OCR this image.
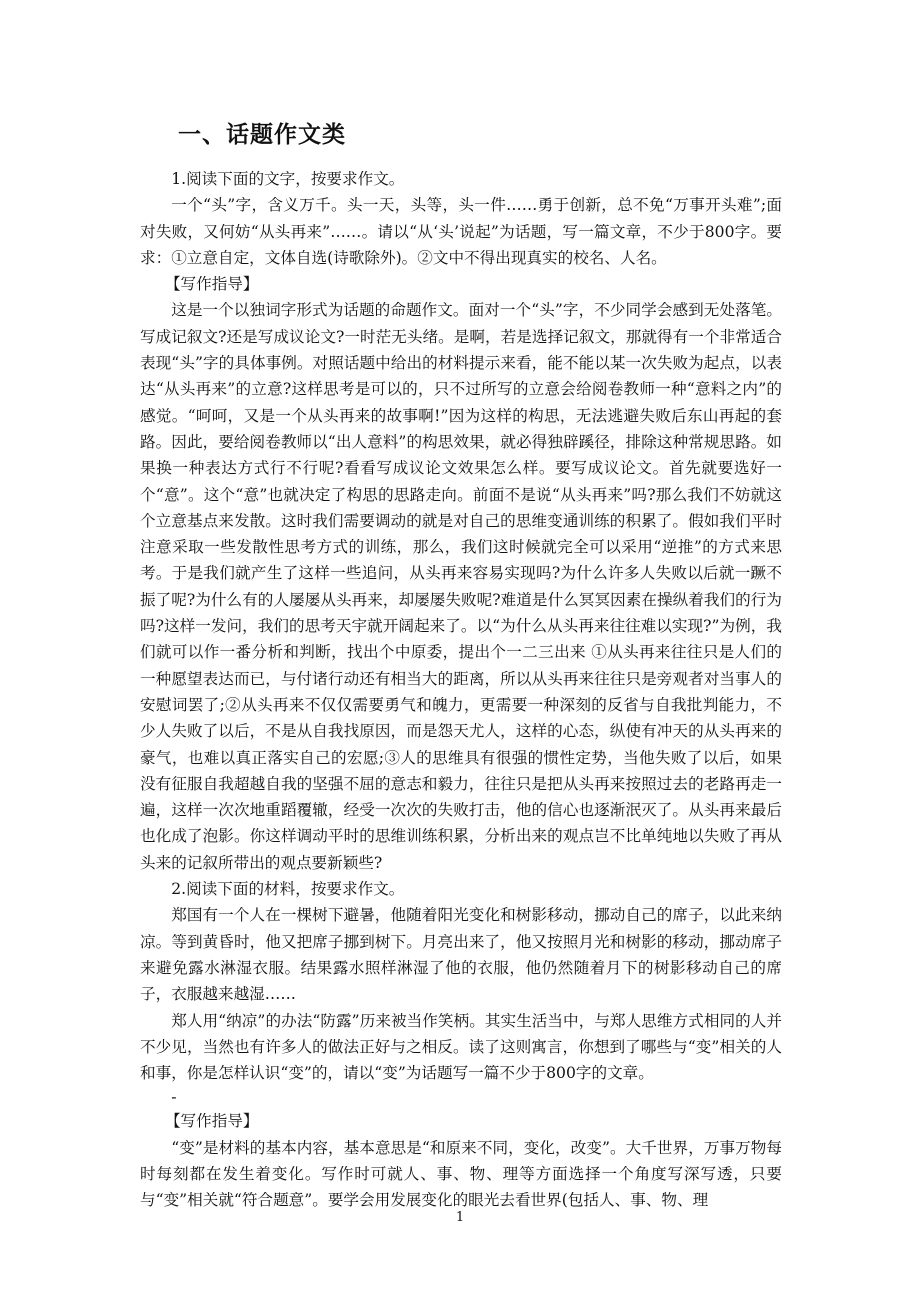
一、话题作文类

1.阅读下面的文字，按要求作文。

一个“头”字，含义万千。头一天，头等，头一件……勇于创新，总不免“万事开头难”;面对失败，又何妨“从头再来”……。请以“从‘头’说起”为话题，写一篇文章，不少于800字。要求：①立意自定，文体自选(诗歌除外)。②文中不得出现真实的校名、人名。

【写作指导】

这是一个以独词字形式为话题的命题作文。面对一个“头”字，不少同学会感到无处落笔。写成记叙文?还是写成议论文?一时茫无头绪。是啊，若是选择记叙文，那就得有一个非常适合表现“头”字的具体事例。对照话题中给出的材料提示来看，能不能以某一次失败为起点，以表达“从头再来”的立意?这样思考是可以的，只不过所写的立意会给阅卷教师一种“意料之内”的感觉。“呵呵，又是一个从头再来的故事啊!”因为这样的构思，无法逃避失败后东山再起的套路。因此，要给阅卷教师以“出人意料”的构思效果，就必得独辟蹊径，排除这种常规思路。如果换一种表达方式行不行呢?看看写成议论文效果怎么样。要写成议论文。首先就要选好一个“意”。这个“意”也就决定了构思的思路走向。前面不是说“从头再来”吗?那么我们不妨就这个立意基点来发散。这时我们需要调动的就是对自己的思维变通训练的积累了。假如我们平时注意采取一些发散性思考方式的训练，那么，我们这时候就完全可以采用“逆推”的方式来思考。于是我们就产生了这样一些追问，从头再来容易实现吗?为什么许多人失败以后就一蹶不振了呢?为什么有的人屡屡从头再来，却屡屡失败呢?难道是什么冥冥因素在操纵着我们的行为吗?这样一发问，我们的思考天宇就开阔起来了。以“为什么从头再来往往难以实现?”为例，我们就可以作一番分析和判断，找出个中原委，提出个一二三出来 ①从头再来往往只是人们的一种愿望表达而已，与付诸行动还有相当大的距离，所以从头再来往往只是旁观者对当事人的安慰词罢了;②从头再来不仅仅需要勇气和魄力，更需要一种深刻的反省与自我批判能力，不少人失败了以后，不是从自我找原因，而是怨天尤人，这样的心态，纵使有冲天的从头再来的豪气，也难以真正落实自己的宏愿;③人的思维具有很强的惯性定势，当他失败了以后，如果没有征服自我超越自我的坚强不屈的意志和毅力，往往只是把从头再来按照过去的老路再走一遍，这样一次次地重蹈覆辙，经受一次次的失败打击，他的信心也逐渐泯灭了。从头再来最后也化成了泡影。你这样调动平时的思维训练积累，分析出来的观点岂不比单纯地以失败了再从头来的记叙所带出的观点要新颖些?

2.阅读下面的材料，按要求作文。

郑国有一个人在一棵树下避暑，他随着阳光变化和树影移动，挪动自己的席子，以此来纳凉。等到黄昏时，他又把席子挪到树下。月亮出来了，他又按照月光和树影的移动，挪动席子来避免露水淋湿衣服。结果露水照样淋湿了他的衣服，他仍然随着月下的树影移动自己的席子，衣服越来越湿……

郑人用“纳凉”的办法“防露”历来被当作笑柄。其实生活当中，与郑人思维方式相同的人并不少见，当然也有许多人的做法正好与之相反。读了这则寓言，你想到了哪些与“变”相关的人和事，你是怎样认识“变”的，请以“变”为话题写一篇不少于800字的文章。

-

【写作指导】

“变”是材料的基本内容，基本意思是“和原来不同，变化，改变”。大千世界，万事万物每时每刻都在发生着变化。写作时可就人、事、物、理等方面选择一个角度写深写透，只要与“变”相关就“符合题意”。要学会用发展变化的眼光去看世界(包括人、事、物、理

1
